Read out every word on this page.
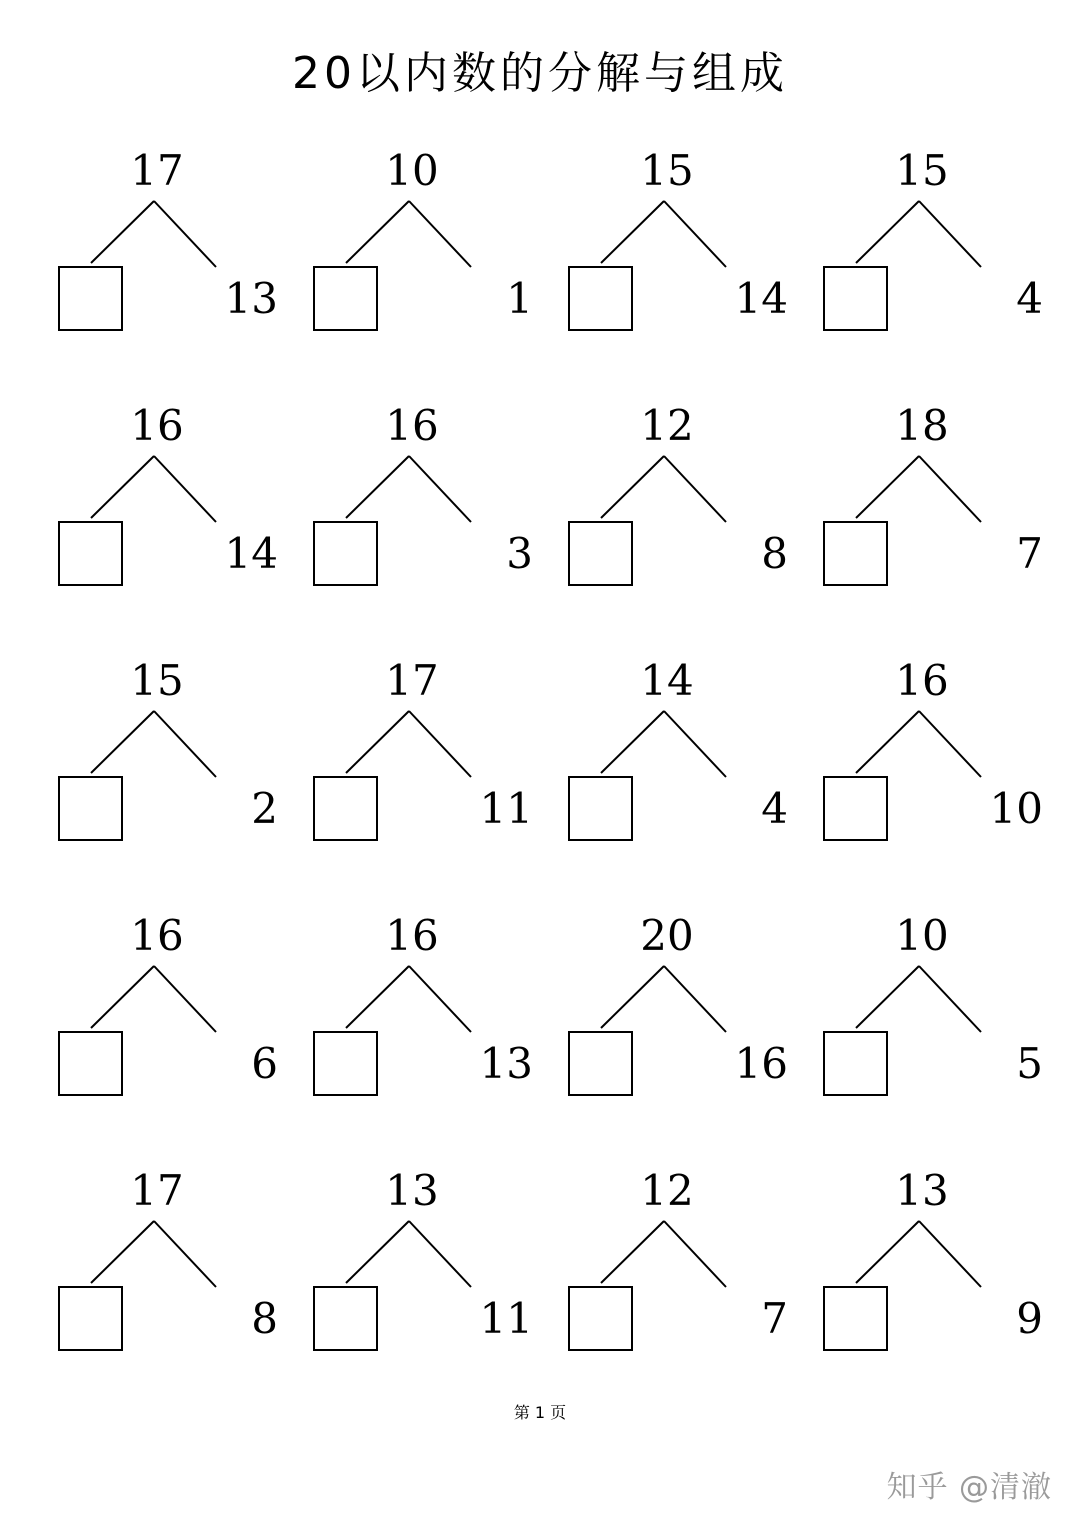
20以内数的分解与组成
17
13
10
1
15
14
15
4
16
14
16
3
12
8
18
7
15
2
17
11
14
4
16
10
16
6
16
13
20
16
10
5
17
8
13
11
12
7
13
9
第 1 页
知乎 @清澈
